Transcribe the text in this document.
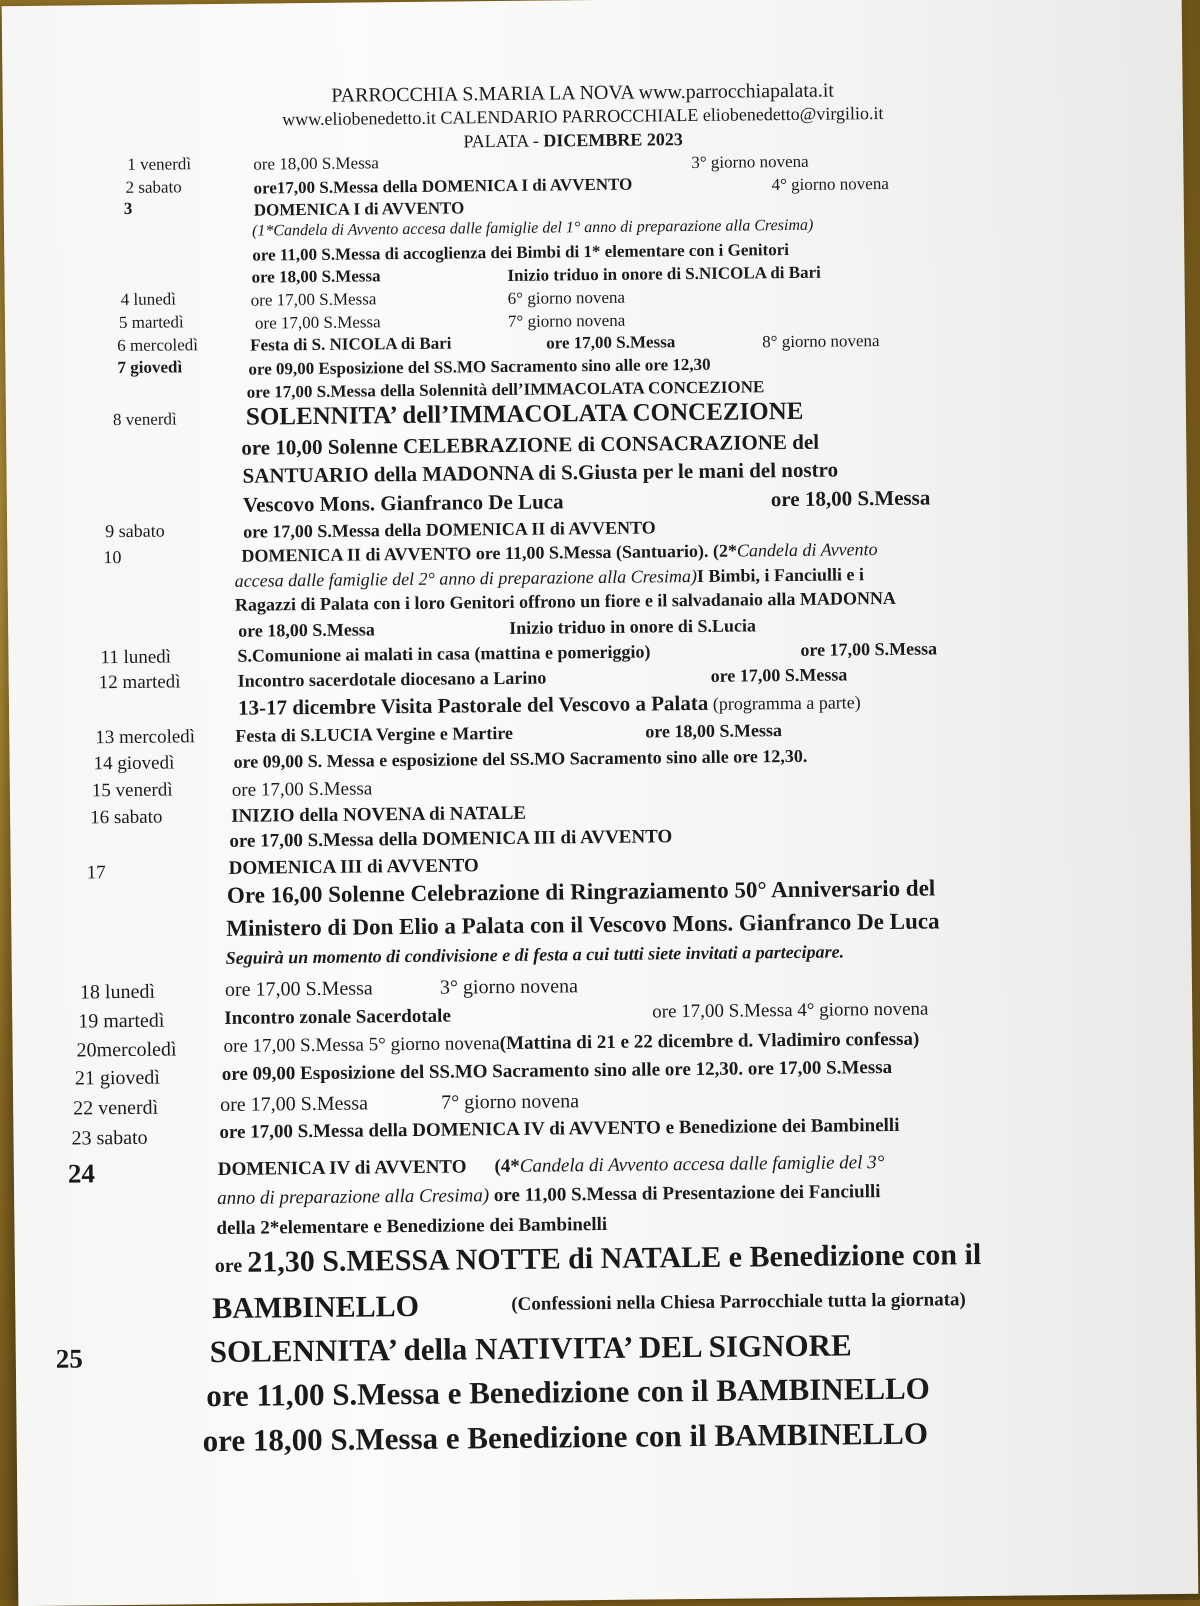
PARROCCHIA S.MARIA LA NOVA www.parrocchiapalata.it
www.eliobenedetto.it CALENDARIO PARROCCHIALE eliobenedetto@virgilio.it
PALATA - DICEMBRE 2023
1 venerdì	ore 18,00 S.Messa	3° giorno novena
2 sabato	ore17,00 S.Messa della DOMENICA I di AVVENTO	4° giorno novena
3	DOMENICA I di AVVENTO
(1*Candela di Avvento accesa dalle famiglie del 1° anno di preparazione alla Cresima)
ore 11,00 S.Messa di accoglienza dei Bimbi di 1* elementare con i Genitori
ore 18,00 S.Messa	Inizio triduo in onore di S.NICOLA di Bari
4 lunedì	ore 17,00 S.Messa	6° giorno novena
5 martedì	ore 17,00 S.Messa	7° giorno novena
6 mercoledì	Festa di S. NICOLA di Bari	ore 17,00 S.Messa	8° giorno novena
7 giovedì	ore 09,00 Esposizione del SS.MO Sacramento sino alle ore 12,30
ore 17,00 S.Messa della Solennità dell’IMMACOLATA CONCEZIONE
8 venerdì	SOLENNITA’ dell’IMMACOLATA CONCEZIONE
ore 10,00 Solenne CELEBRAZIONE di CONSACRAZIONE del
SANTUARIO della MADONNA di S.Giusta per le mani del nostro
Vescovo Mons. Gianfranco De Luca	ore 18,00 S.Messa
9 sabato	ore 17,00 S.Messa della DOMENICA II di AVVENTO
10	DOMENICA II di AVVENTO ore 11,00 S.Messa (Santuario). (2*Candela di Avvento
accesa dalle famiglie del 2° anno di preparazione alla Cresima)I Bimbi, i Fanciulli e i
Ragazzi di Palata con i loro Genitori offrono un fiore e il salvadanaio alla MADONNA
ore 18,00 S.Messa	Inizio triduo in onore di S.Lucia
11 lunedì	S.Comunione ai malati in casa (mattina e pomeriggio)	ore 17,00 S.Messa
12 martedì	Incontro sacerdotale diocesano a Larino	ore 17,00 S.Messa
13-17 dicembre Visita Pastorale del Vescovo a Palata (programma a parte)
13 mercoledì Festa di S.LUCIA Vergine e Martire	ore 18,00 S.Messa
14 giovedì	ore 09,00 S. Messa e esposizione del SS.MO Sacramento sino alle ore 12,30.
15 venerdì	ore 17,00 S.Messa
16 sabato	INIZIO della NOVENA di NATALE
ore 17,00 S.Messa della DOMENICA III di AVVENTO
17	DOMENICA III di AVVENTO
Ore 16,00 Solenne Celebrazione di Ringraziamento 50° Anniversario del
Ministero di Don Elio a Palata con il Vescovo Mons. Gianfranco De Luca
Seguirà un momento di condivisione e di festa a cui tutti siete invitati a partecipare.
18 lunedì	ore 17,00 S.Messa	3° giorno novena
19 martedì	Incontro zonale Sacerdotale	ore 17,00 S.Messa 4° giorno novena
20mercoledì ore 17,00 S.Messa 5° giorno novena(Mattina di 21 e 22 dicembre d. Vladimiro confessa)
21 giovedì	ore 09,00 Esposizione del SS.MO Sacramento sino alle ore 12,30. ore 17,00 S.Messa
22 venerdì	ore 17,00 S.Messa	7° giorno novena
23 sabato	ore 17,00 S.Messa della DOMENICA IV di AVVENTO e Benedizione dei Bambinelli
24	DOMENICA IV di AVVENTO (4*Candela di Avvento accesa dalle famiglie del 3°
anno di preparazione alla Cresima) ore 11,00 S.Messa di Presentazione dei Fanciulli
della 2*elementare e Benedizione dei Bambinelli
ore 21,30 S.MESSA NOTTE di NATALE e Benedizione con il
BAMBINELLO	(Confessioni nella Chiesa Parrocchiale tutta la giornata)
25	SOLENNITA’ della NATIVITA’ DEL SIGNORE
ore 11,00 S.Messa e Benedizione con il BAMBINELLO
ore 18,00 S.Messa e Benedizione con il BAMBINELLO
